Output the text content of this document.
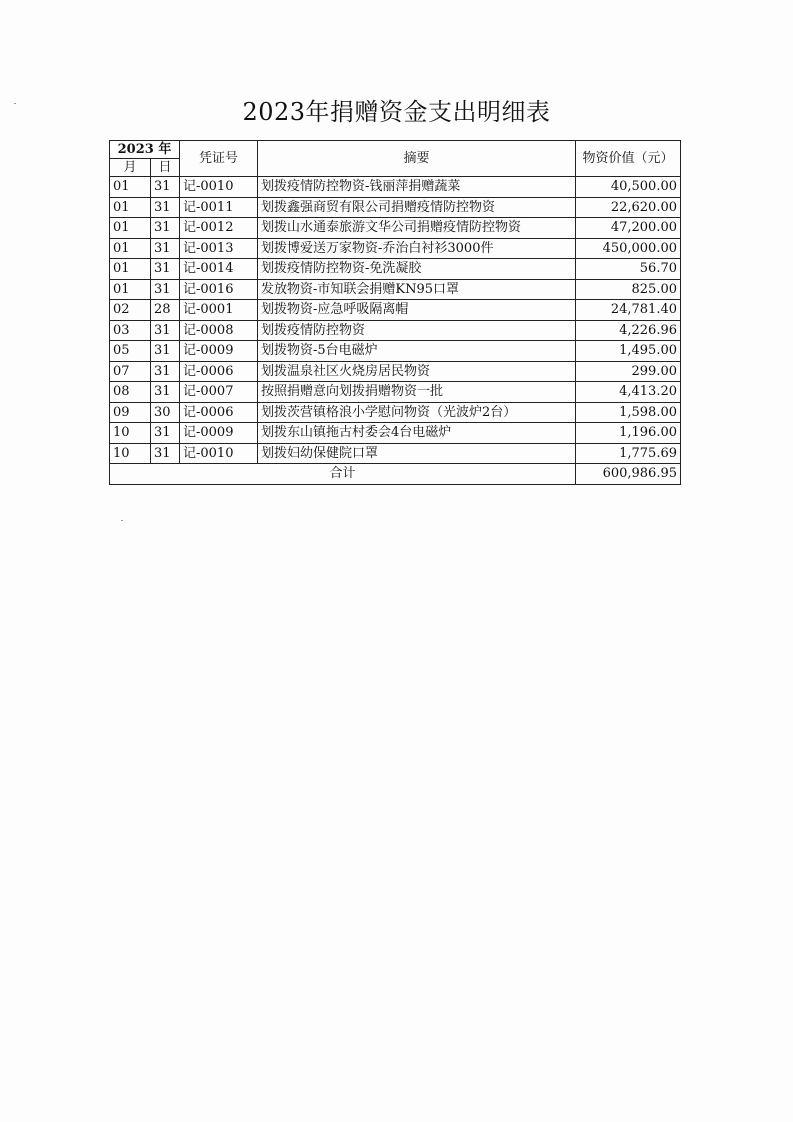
2023年捐赠资金支出明细表
2023 年		凭证号	摘要	物资价值（元）
月	日			
01	31	记-0010	划拨疫情防控物资-钱丽萍捐赠蔬菜	40,500.00
01	31	记-0011	划拨鑫强商贸有限公司捐赠疫情防控物资	22,620.00
01	31	记-0012	划拨山水通泰旅游文华公司捐赠疫情防控物资	47,200.00
01	31	记-0013	划拨博爱送万家物资-乔治白衬衫3000件	450,000.00
01	31	记-0014	划拨疫情防控物资-免洗凝胶	56.70
01	31	记-0016	发放物资-市知联会捐赠KN95口罩	825.00
02	28	记-0001	划拨物资-应急呼吸隔离帽	24,781.40
03	31	记-0008	划拨疫情防控物资	4,226.96
05	31	记-0009	划拨物资-5台电磁炉	1,495.00
07	31	记-0006	划拨温泉社区火烧房居民物资	299.00
08	31	记-0007	按照捐赠意向划拨捐赠物资一批	4,413.20
09	30	记-0006	划拨茨营镇格浪小学慰问物资（光波炉2台）	1,598.00
10	31	记-0009	划拨东山镇拖古村委会4台电磁炉	1,196.00
10	31	记-0010	划拨妇幼保健院口罩	1,775.69
合计				600,986.95
